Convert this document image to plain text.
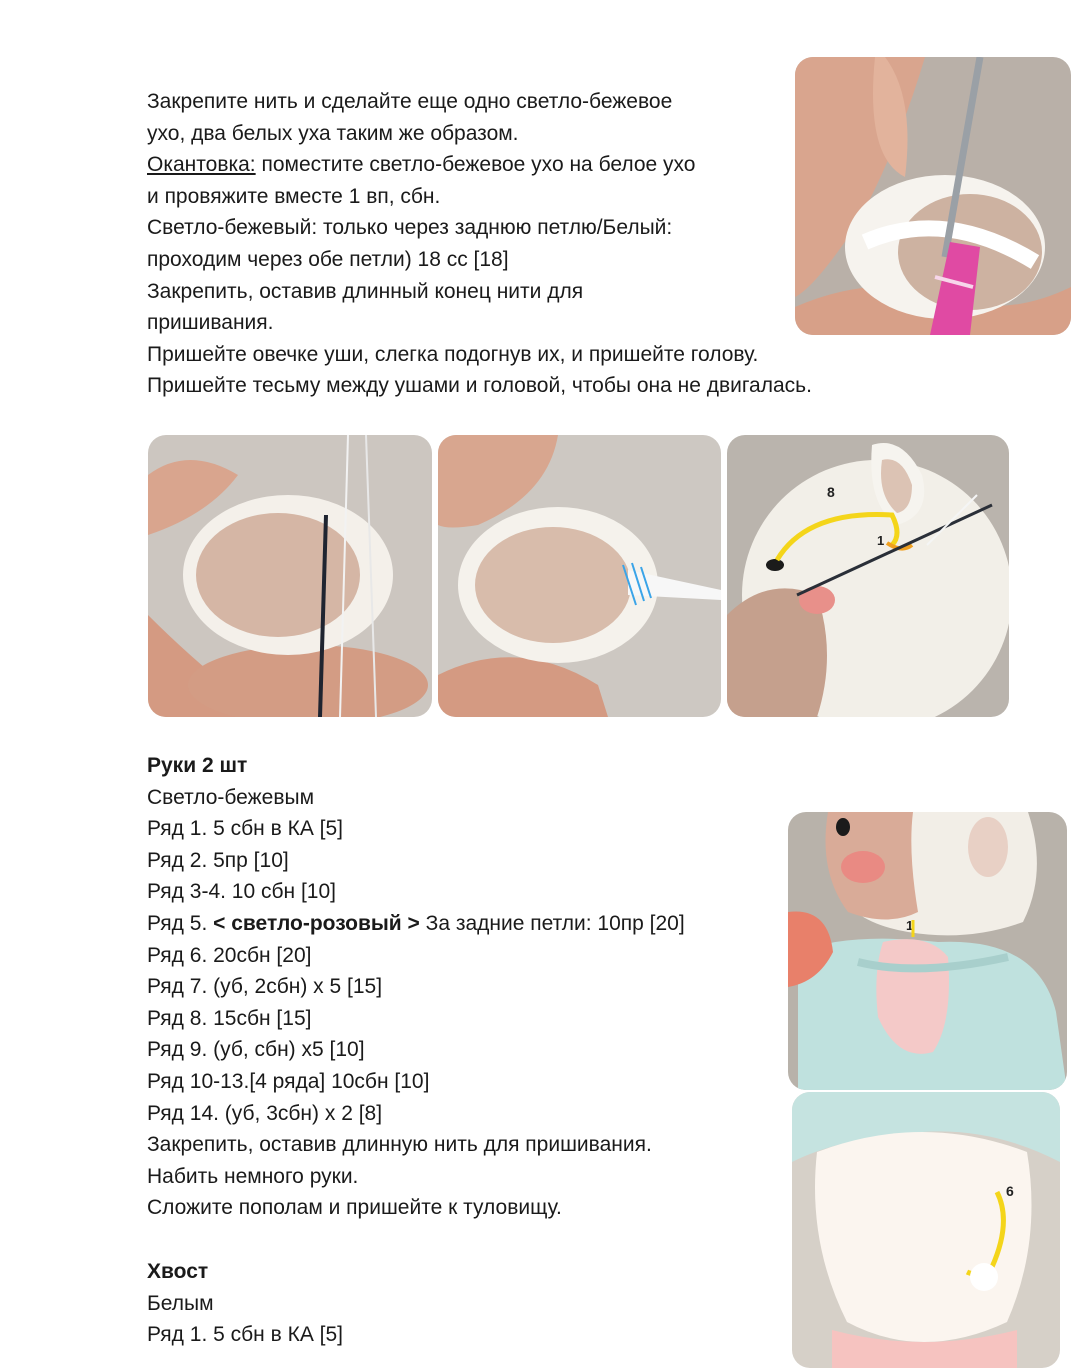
Закрепите нить и сделайте еще одно светло-бежевое
ухо, два белых уха таким же образом.
Окантовка: поместите светло-бежевое ухо на белое ухо
и провяжите вместе 1 вп, сбн.
Светло-бежевый: только через заднюю петлю/Белый:
проходим через обе петли) 18 сс [18]
Закрепить, оставив длинный конец нити для
пришивания.
Пришейте овечке уши, слегка подогнув их, и пришейте голову.
Пришейте тесьму между ушами и головой, чтобы она не двигалась.
8
1
Руки 2 шт
Светло-бежевым
Ряд 1. 5 сбн в КА [5]
Ряд 2. 5пр [10]
Ряд 3-4. 10 сбн [10]
Ряд 5. < светло-розовый > За задние петли: 10пр [20]
Ряд 6. 20сбн [20]
Ряд 7. (уб, 2сбн) х 5 [15]
Ряд 8. 15сбн [15]
Ряд 9. (уб, сбн) х5 [10]
Ряд 10-13.[4 ряда] 10сбн [10]
Ряд 14. (уб, 3сбн) х 2 [8]
Закрепить, оставив длинную нить для пришивания.
Набить немного руки.
Сложите пополам и пришейте к туловищу.
1
6
Хвост
Белым
Ряд 1. 5 сбн в КА [5]
